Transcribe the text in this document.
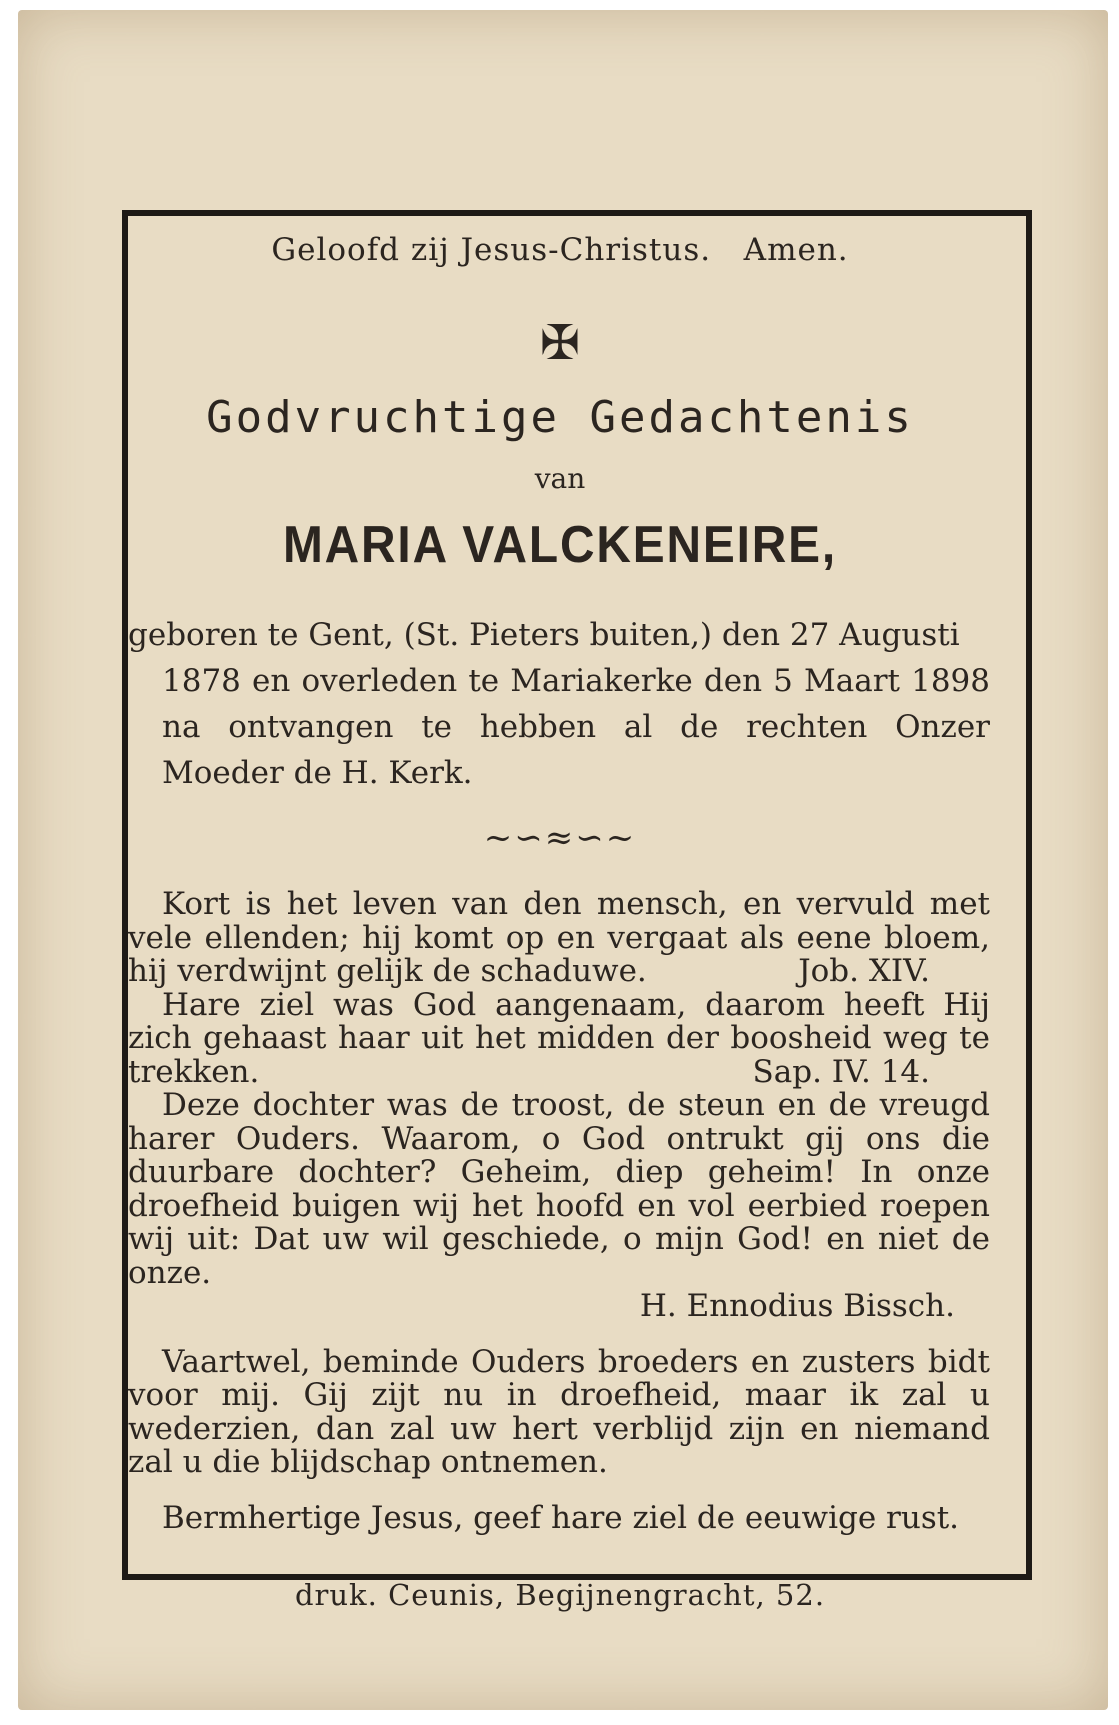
Geloofd zij Jesus-Christus.   Amen.
✠
Godvruchtige Gedachtenis
van
MARIA VALCKENEIRE,
geboren te Gent, (St. Pieters buiten,) den 27 Augusti
1878 en overleden te Mariakerke den 5 Maart 1898 na ontvangen te hebben al de rechten Onzer Moeder de H. Kerk.
~∽≈∽~

Kort is het leven van den mensch, en vervuld met vele ellenden; hij komt op en vergaat als eene bloem, hij verdwijnt gelijk de schaduwe.	Job. XIV.

Hare ziel was God aangenaam, daarom heeft Hij zich gehaast haar uit het midden der boosheid weg te trekken.	Sap. IV. 14.

Deze dochter was de troost, de steun en de vreugd harer Ouders. Waarom, o God ontrukt gij ons die duurbare dochter? Geheim, diep geheim! In onze droefheid buigen wij het hoofd en vol eerbied roepen wij uit: Dat uw wil geschiede, o mijn God! en niet de onze.

H. Ennodius Bissch.

Vaartwel, beminde Ouders broeders en zusters bidt voor mij. Gij zijt nu in droefheid, maar ik zal u wederzien, dan zal uw hert verblijd zijn en niemand zal u die blijdschap ontnemen.

Bermhertige Jesus, geef hare ziel de eeuwige rust.

druk. Ceunis, Begijnengracht, 52.
